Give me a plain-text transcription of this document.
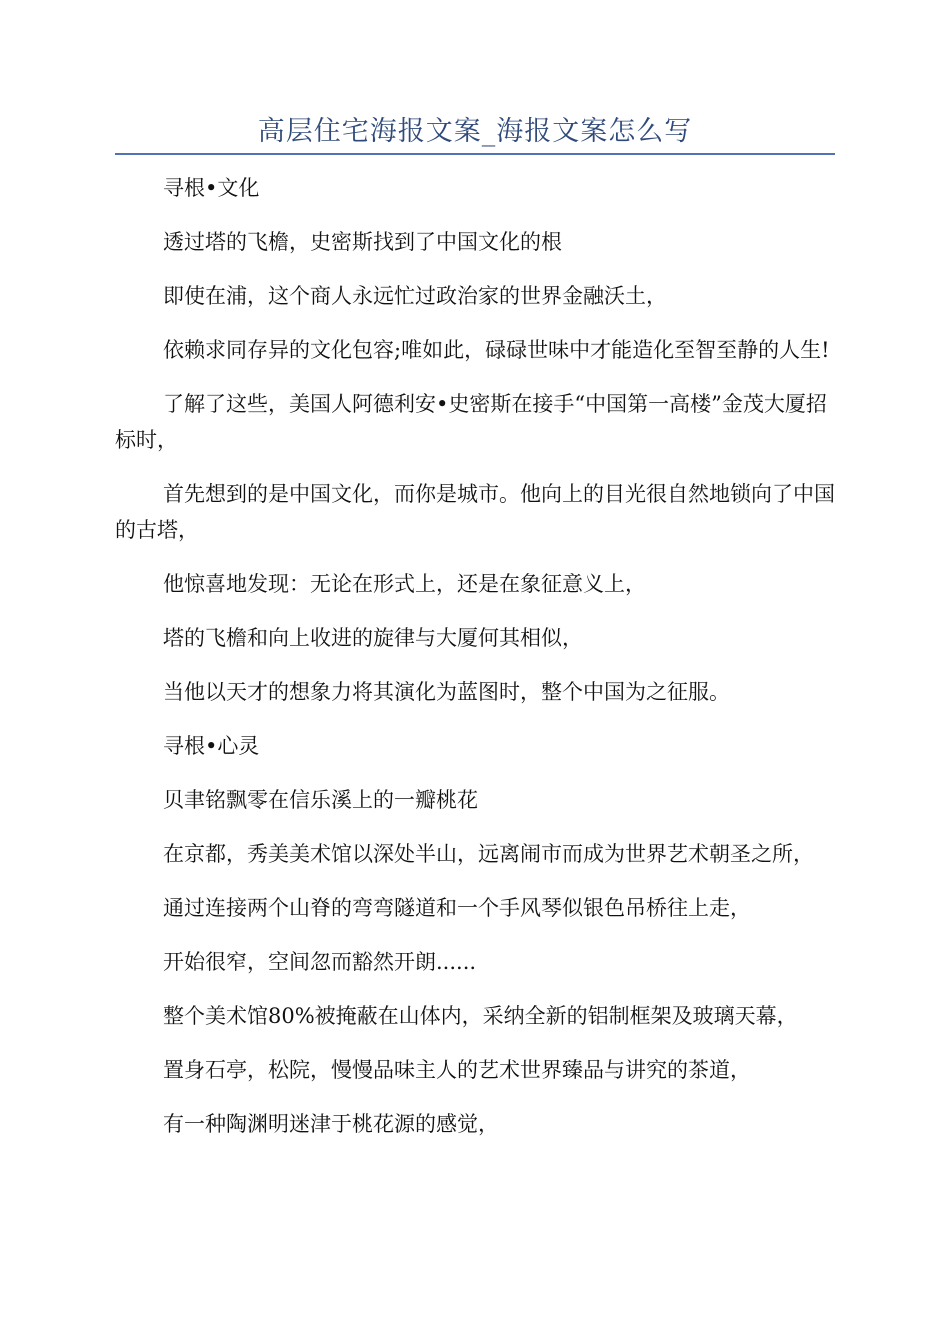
高层住宅海报文案_海报文案怎么写

寻根•文化

透过塔的飞檐，史密斯找到了中国文化的根

即使在浦，这个商人永远忙过政治家的世界金融沃土，

依赖求同存异的文化包容;唯如此，碌碌世味中才能造化至智至静的人生!

了解了这些，美国人阿德利安•史密斯在接手“中国第一高楼”金茂大厦招标时，

首先想到的是中国文化，而你是城市。他向上的目光很自然地锁向了中国的古塔，

他惊喜地发现：无论在形式上，还是在象征意义上，

塔的飞檐和向上收进的旋律与大厦何其相似，

当他以天才的想象力将其演化为蓝图时，整个中国为之征服。

寻根•心灵

贝聿铭飘零在信乐溪上的一瓣桃花

在京都，秀美美术馆以深处半山，远离闹市而成为世界艺术朝圣之所，

通过连接两个山脊的弯弯隧道和一个手风琴似银色吊桥往上走，

开始很窄，空间忽而豁然开朗......

整个美术馆80%被掩蔽在山体内，采纳全新的铝制框架及玻璃天幕，

置身石亭，松院，慢慢品味主人的艺术世界臻品与讲究的茶道，

有一种陶渊明迷津于桃花源的感觉，
